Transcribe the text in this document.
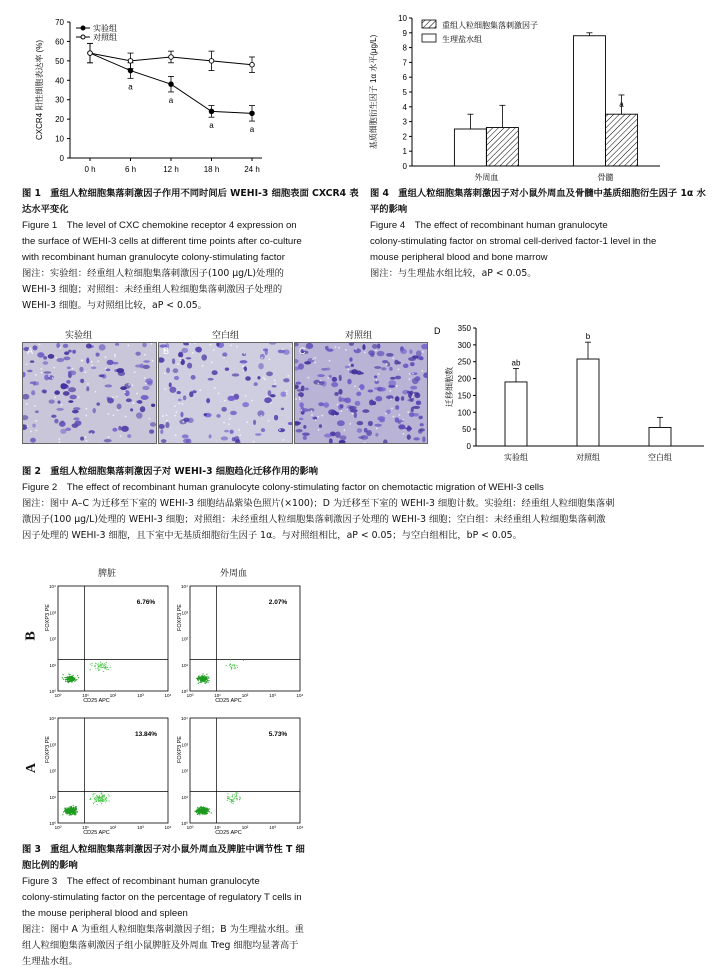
0
10
20
30
40
50
60
70
0 h	6 h	12 h	18 h	24 h
CXCR4 阳性细胞表达率 (%)	a
a
a	a
实验组
对照组
0
1
2
3
4
5
6
7
8
9
10
基质细胞衍生因子 1α 水平(μg/L)
外周血	骨髓
a
重组人粒细胞集落刺激因子
生理盐水组
图 1　重组人粒细胞集落刺激因子作用不同时间后 WEHI-3 细胞表面 CXCR4 表达水平变化
Figure 1　The level of CXC chemokine receptor 4 expression on
the surface of WEHI-3 cells at different time points after co-culture
with recombinant human granulocyte colony-stimulating factor
图注：实验组：经重组人粒细胞集落刺激因子(100 μg/L)处理的
WEHI-3 细胞；对照组：未经重组人粒细胞集落刺激因子处理的
WEHI-3 细胞。与对照组比较，aP < 0.05。
图 4　重组人粒细胞集落刺激因子对小鼠外周血及骨髓中基质细胞衍生因子 1α 水平的影响
Figure 4　The effect of recombinant human granulocyte
colony-stimulating factor on stromal cell-derived factor-1 level in the
mouse peripheral blood and bone marrow
图注：与生理盐水组比较，aP < 0.05。
实验组	空白组	对照组
A	B	C
D
0
50
100
150
200
250
300
350
迁移细胞数
ab
实验组
b
对照组	空白组
图 2　重组人粒细胞集落刺激因子对 WEHI-3 细胞趋化迁移作用的影响
Figure 2　The effect of recombinant human granulocyte colony-stimulating factor on chemotactic migration of WEHI-3 cells
图注：图中 A–C 为迁移至下室的 WEHI-3 细胞结晶紫染色照片(×100)；D 为迁移至下室的 WEHI-3 细胞计数。实验组：经重组人粒细胞集落刺
激因子(100 μg/L)处理的 WEHI-3 细胞；对照组：未经重组人粒细胞集落刺激因子处理的 WEHI-3 细胞；空白组：未经重组人粒细胞集落刺激
因子处理的 WEHI-3 细胞，且下室中无基质细胞衍生因子 1α。与对照组相比，aP < 0.05；与空白组相比，bP < 0.05。
脾脏	外周血
B
A
10⁰
10⁰
10¹
10¹
10²
10²
10³
10³
10⁴
10⁴
FOXP3 PE
CD25 APC
6.76%
10⁰
10⁰
10¹
10¹
10²
10²
10³
10³
10⁴
10⁴
FOXP3 PE
CD25 APC
2.07%
10⁰
10⁰
10¹
10¹
10²
10²
10³
10³
10⁴
10⁴
FOXP3 PE
CD25 APC
13.84%
10⁰
10⁰
10¹
10¹
10²
10²
10³
10³
10⁴
10⁴
FOXP3 PE
CD25 APC
5.73%
图 3　重组人粒细胞集落刺激因子对小鼠外周血及脾脏中调节性 T 细
胞比例的影响
Figure 3　The effect of recombinant human granulocyte
colony-stimulating factor on the percentage of regulatory T cells in
the mouse peripheral blood and spleen
图注：图中 A 为重组人粒细胞集落刺激因子组；B 为生理盐水组。重
组人粒细胞集落刺激因子组小鼠脾脏及外周血 Treg 细胞均显著高于
生理盐水组。
